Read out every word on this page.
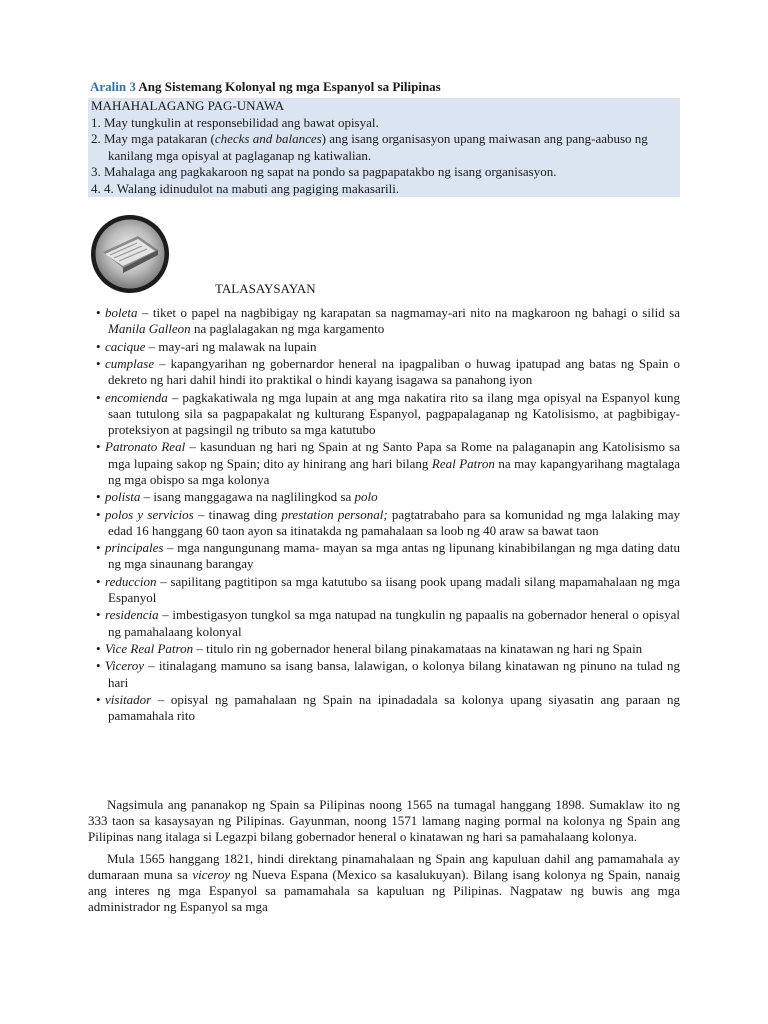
Aralin 3 Ang Sistemang Kolonyal ng mga Espanyol sa Pilipinas
MAHAHALAGANG PAG-UNAWA
1. May tungkulin at responsebilidad ang bawat opisyal.
2. May mga patakaran (checks and balances) ang isang organisasyon upang maiwasan ang pang-aabuso ng kanilang mga opisyal at paglaganap ng katiwalian.
3. Mahalaga ang pagkakaroon ng sapat na pondo sa pagpapatakbo ng isang organisasyon.
4. 4. Walang idinudulot na mabuti ang pagiging makasarili.
TALASAYSAYAN
• boleta – tiket o papel na nagbibigay ng karapatan sa nagmamay-ari nito na magkaroon ng bahagi o silid sa Manila Galleon na paglalagakan ng mga kargamento
• cacique – may-ari ng malawak na lupain
• cumplase – kapangyarihan ng gobernardor heneral na ipagpaliban o huwag ipatupad ang batas ng Spain o dekreto ng hari dahil hindi ito praktikal o hindi kayang isagawa sa panahong iyon
• encomienda – pagkakatiwala ng mga lupain at ang mga nakatira rito sa ilang mga opisyal na Espanyol kung saan tutulong sila sa pagpapakalat ng kulturang Espanyol, pagpapalaganap ng Katolisismo, at pagbibigay-proteksiyon at pagsingil ng tributo sa mga katutubo
• Patronato Real – kasunduan ng hari ng Spain at ng Santo Papa sa Rome na palaganapin ang Katolisismo sa mga lupaing sakop ng Spain; dito ay hinirang ang hari bilang Real Patron na may kapangyarihang magtalaga ng mga obispo sa mga kolonya
• polista – isang manggagawa na naglilingkod sa polo
• polos y servicios – tinawag ding prestation personal; pagtatrabaho para sa komunidad ng mga lalaking may edad 16 hanggang 60 taon ayon sa itinatakda ng pamahalaan sa loob ng 40 araw sa bawat taon
• principales – mga nangungunang mama- mayan sa mga antas ng lipunang kinabibilangan ng mga dating datu ng mga sinaunang barangay
• reduccion – sapilitang pagtitipon sa mga katutubo sa iisang pook upang madali silang mapamahalaan ng mga Espanyol
• residencia – imbestigasyon tungkol sa mga natupad na tungkulin ng papaalis na gobernador heneral o opisyal ng pamahalaang kolonyal
• Vice Real Patron – titulo rin ng gobernador heneral bilang pinakamataas na kinatawan ng hari ng Spain
• Viceroy – itinalagang mamuno sa isang bansa, lalawigan, o kolonya bilang kinatawan ng pinuno na tulad ng hari
• visitador – opisyal ng pamahalaan ng Spain na ipinadadala sa kolonya upang siyasatin ang paraan ng pamamahala rito

Nagsimula ang pananakop ng Spain sa Pilipinas noong 1565 na tumagal hanggang 1898. Sumaklaw ito ng 333 taon sa kasaysayan ng Pilipinas. Gayunman, noong 1571 lamang naging pormal na kolonya ng Spain ang Pilipinas nang italaga si Legazpi bilang gobernador heneral o kinatawan ng hari sa pamahalaang kolonya.

Mula 1565 hanggang 1821, hindi direktang pinamahalaan ng Spain ang kapuluan dahil ang pamamahala ay dumaraan muna sa viceroy ng Nueva Espana (Mexico sa kasalukuyan). Bilang isang kolonya ng Spain, nanaig ang interes ng mga Espanyol sa pamamahala sa kapuluan ng Pilipinas. Nagpataw ng buwis ang mga administrador ng Espanyol sa mga
